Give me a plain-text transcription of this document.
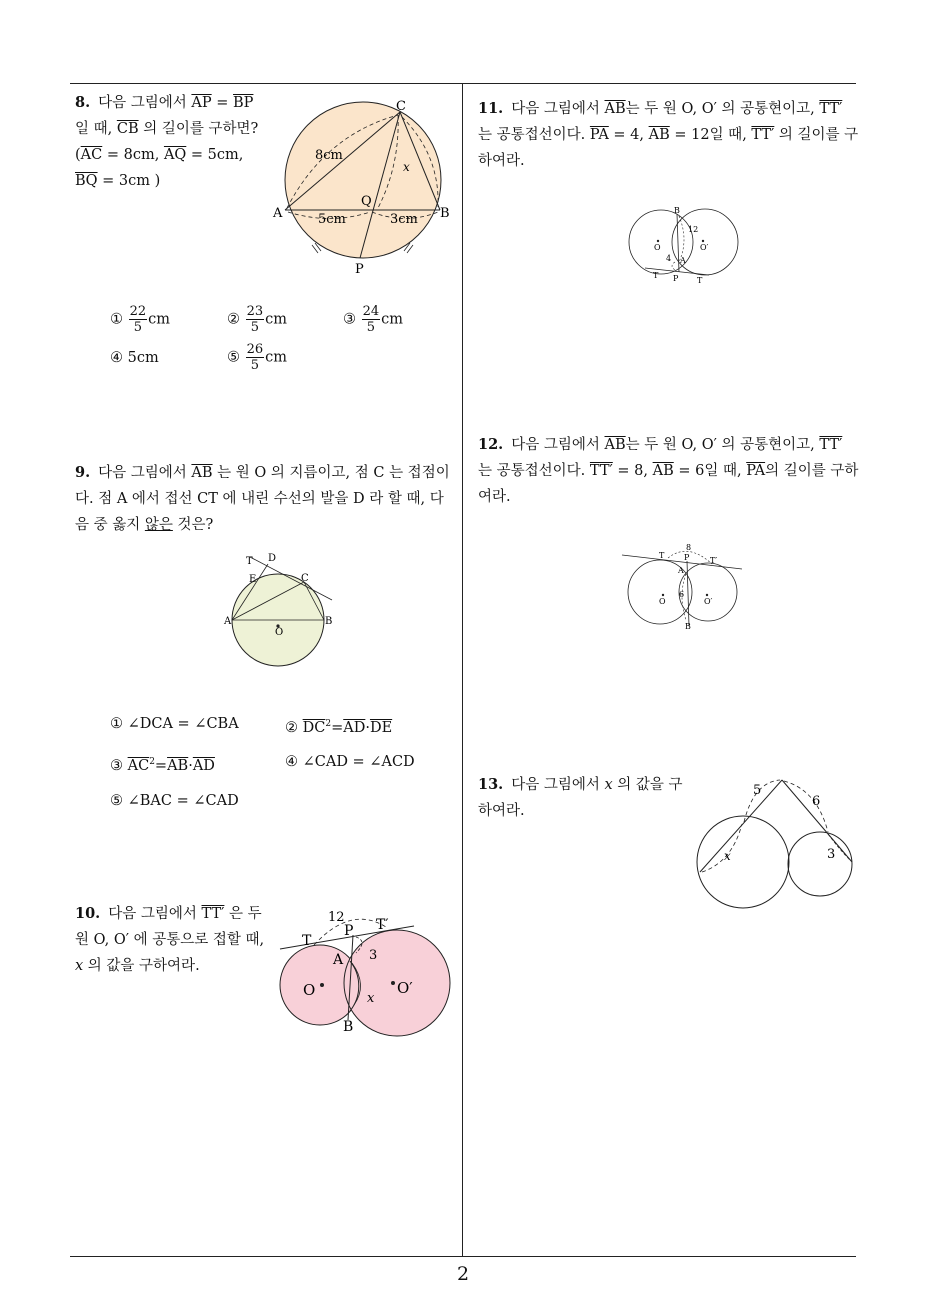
2
8. 다음 그림에서 $\overline{AP} = \overline{BP}$ 일 때, $\overline{CB}$ 의 길이를 구하면? ($\overline{AC} = 8cm$, $\overline{AQ} = 5cm$, $\overline{BQ} = 3cm$ )
C
A	B
Q
P
8cm
5cm	3cm
x
① $\frac{22}{5}$ cm	② $\frac{23}{5}$ cm	③ $\frac{24}{5}$ cm
④ 5cm	⑤ $\frac{26}{5}$ cm
9. 다음 그림에서 $\overline{AB}$ 는 원 O 의 지름이고, 점 C 는 접점이다. 점 A 에서 접선 CT 에 내린 수선의 발을 D 라 할 때, 다음 중 옳지 않은 것은?
T D
E	C
A	B
O
① ∠DCA = ∠CBA	② $\overline{DC}^2=\overline{AD}\cdot\overline{DE}$
③ $\overline{AC}^2=\overline{AB}\cdot\overline{AD}$	④ ∠CAD = ∠ACD
⑤ ∠BAC = ∠CAD
10. 다음 그림에서 TT′ 은 두 원 O, O′ 에 공통으로 접할 때, x 의 값을 구하여라.
12
T
P T′
3
A
O	O′
x
B
11. 다음 그림에서 $\overline{AB}$는 두 원 O, O′ 의 공통현이고, TT′ 는 공통접선이다. $\overline{PA} = 4$, $\overline{AB} = 12$일 때, TT′ 의 길이를 구하여라.
B
12
O	O′
4 A
T P T
12. 다음 그림에서 $\overline{AB}$는 두 원 O, O′ 의 공통현이고, TT′ 는 공통접선이다. TT′ = 8, $\overline{AB} = 6$일 때, $\overline{PA}$의 길이를 구하여라.
8
T P	T′
A
6
O	O′
B
13. 다음 그림에서 x 의 값을 구하여라.
5
6
x	3
